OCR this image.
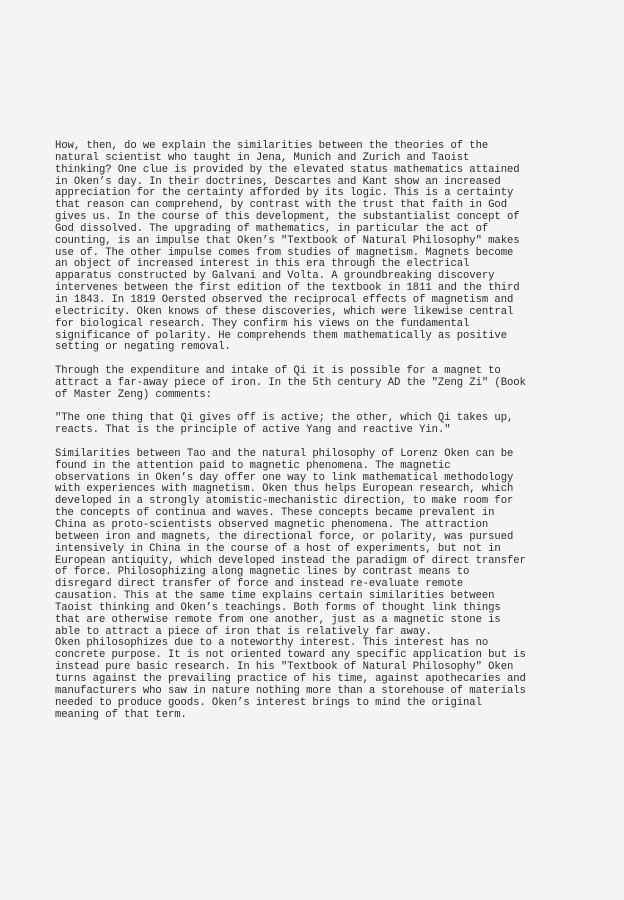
How, then, do we explain the similarities between the theories of the
natural scientist who taught in Jena, Munich and Zurich and Taoist
thinking? One clue is provided by the elevated status mathematics attained
in Oken’s day. In their doctrines, Descartes and Kant show an increased
appreciation for the certainty afforded by its logic. This is a certainty
that reason can comprehend, by contrast with the trust that faith in God
gives us. In the course of this development, the substantialist concept of
God dissolved. The upgrading of mathematics, in particular the act of
counting, is an impulse that Oken’s "Textbook of Natural Philosophy" makes
use of. The other impulse comes from studies of magnetism. Magnets become
an object of increased interest in this era through the electrical
apparatus constructed by Galvani and Volta. A groundbreaking discovery
intervenes between the first edition of the textbook in 1811 and the third
in 1843. In 1819 Oersted observed the reciprocal effects of magnetism and
electricity. Oken knows of these discoveries, which were likewise central
for biological research. They confirm his views on the fundamental
significance of polarity. He comprehends them mathematically as positive
setting or negating removal.

Through the expenditure and intake of Qi it is possible for a magnet to
attract a far-away piece of iron. In the 5th century AD the "Zeng Zi" (Book
of Master Zeng) comments:

"The one thing that Qi gives off is active; the other, which Qi takes up,
reacts. That is the principle of active Yang and reactive Yin."

Similarities between Tao and the natural philosophy of Lorenz Oken can be
found in the attention paid to magnetic phenomena. The magnetic
observations in Oken’s day offer one way to link mathematical methodology
with experiences with magnetism. Oken thus helps European research, which
developed in a strongly atomistic-mechanistic direction, to make room for
the concepts of continua and waves. These concepts became prevalent in
China as proto-scientists observed magnetic phenomena. The attraction
between iron and magnets, the directional force, or polarity, was pursued
intensively in China in the course of a host of experiments, but not in
European antiquity, which developed instead the paradigm of direct transfer
of force. Philosophizing along magnetic lines by contrast means to
disregard direct transfer of force and instead re-evaluate remote
causation. This at the same time explains certain similarities between
Taoist thinking and Oken’s teachings. Both forms of thought link things
that are otherwise remote from one another, just as a magnetic stone is
able to attract a piece of iron that is relatively far away.

Oken philosophizes due to a noteworthy interest. This interest has no
concrete purpose. It is not oriented toward any specific application but is
instead pure basic research. In his "Textbook of Natural Philosophy" Oken
turns against the prevailing practice of his time, against apothecaries and
manufacturers who saw in nature nothing more than a storehouse of materials
needed to produce goods. Oken’s interest brings to mind the original
meaning of that term.
